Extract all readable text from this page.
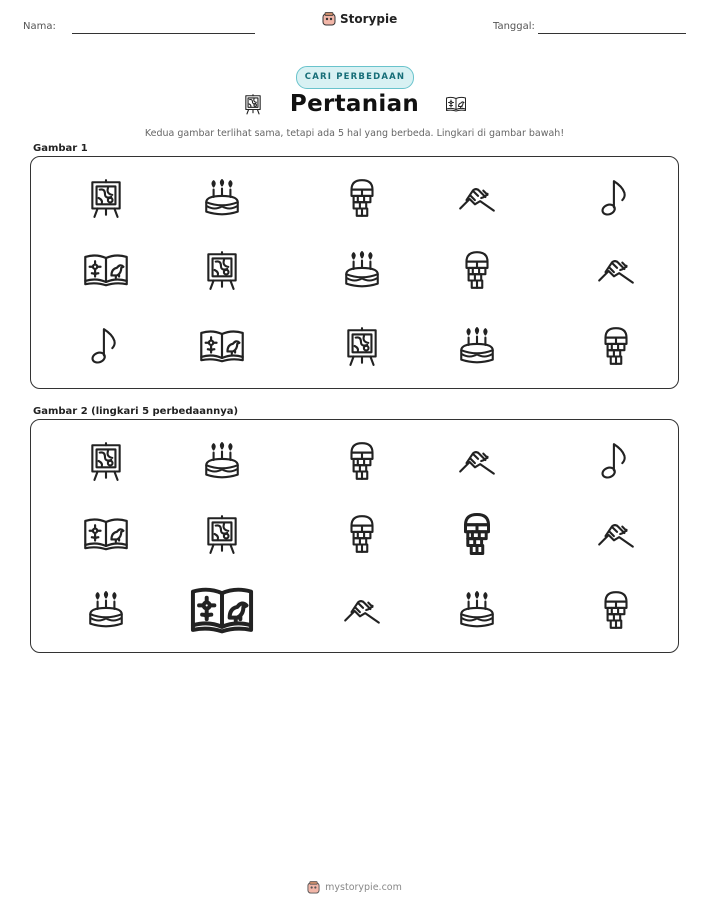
Nama:
Storypie
Tanggal:
CARI PERBEDAAN
Pertanian
Kedua gambar terlihat sama, tetapi ada 5 hal yang berbeda. Lingkari di gambar bawah!
Gambar 1
Gambar 2 (lingkari 5 perbedaannya)
mystorypie.com
